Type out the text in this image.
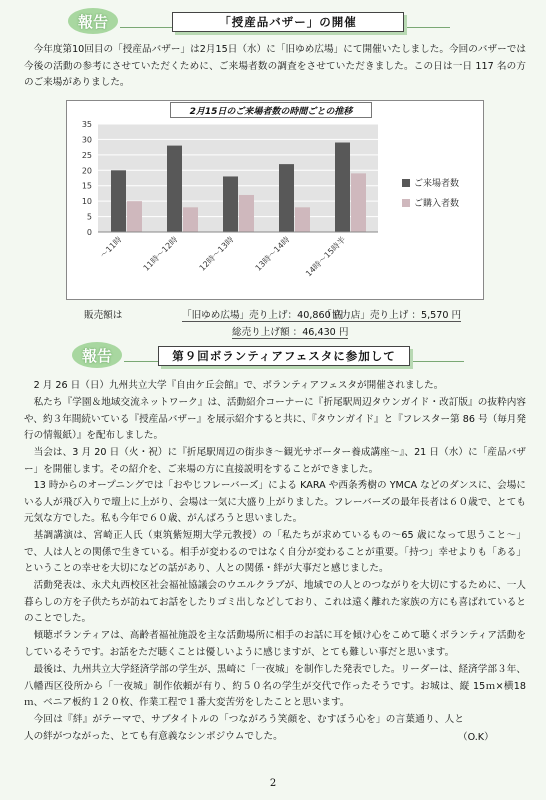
報告	「授産品バザー」の開催

今年度第10回目の「授産品バザー」は2月15日（水）に「旧ゆめ広場」にて開催いたしました。今回のバザーでは今後の活動の参考にさせていただくために、ご来場者数の調査をさせていただきました。この日は一日 117 名の方のご来場がありました。

2月15日のご来場者数の時間ごとの推移
0
5
10
15
20
25
30
35
～11時 11時～12時 12時～13時 13時～14時 14時～15時半
ご来場者数
ご購入者数
販売額は	「旧ゆめ広場」売り上げ：40,860 円
「協力店」売り上げ ：5,570 円
総売り上げ額 ：46,430 円
報告	第９回ボランティアフェスタに参加して

2 月 26 日（日）九州共立大学『自由ケ丘会館』で、ボランティアフェスタが開催されました。

私たち『学園＆地域交流ネットワーク』は、活動紹介コーナーに『折尾駅周辺タウンガイド・改訂版』の抜粋内容や、約３年間続いている『授産品バザー』を展示紹介すると共に、『タウンガイド』と『フレスター第 86 号（毎月発行の情報紙）』を配布しました。

当会は、3 月 20 日（火・祝）に『折尾駅周辺の街歩き～観光サポーター養成講座～』、21 日（水）に「産品バザー」を開催します。その紹介を、ご来場の方に直接説明をすることができました。

13 時からのオープニングでは「おやじフレーバーズ」による KARA や西条秀樹の YMCA などのダンスに、会場にいる人が飛び入りで壇上に上がり、会場は一気に大盛り上がりました。フレーバーズの最年長者は６０歳で、とても元気な方でした。私も今年で６０歳、がんばろうと思いました。

基調講演は、宮崎正人氏（東筑紫短期大学元教授）の「私たちが求めているもの～65 歳になって思うこと～」で、人は人との関係で生きている。相手が変わるのではなく自分が変わることが重要。「持つ」幸せよりも「ある」ということの幸せを大切になどの話があり、人との関係・絆が大事だと感じました。

活動発表は、永犬丸西校区社会福祉協議会のウエルクラブが、地域での人とのつながりを大切にするために、一人暮らしの方を子供たちが訪ねてお話をしたりゴミ出しなどしており、これは遠く離れた家族の方にも喜ばれているとのことでした。

傾聴ボランティアは、高齢者福祉施設を主な活動場所に相手のお話に耳を傾け心をこめて聴くボランティア活動をしているそうです。お話をただ聴くことは優しいように感じますが、とても難しい事だと思います。

最後は、九州共立大学経済学部の学生が、黒崎に「一夜城」を制作した発表でした。リーダーは、経済学部３年、八幡西区役所から「一夜城」制作依頼が有り、約５０名の学生が交代で作ったそうです。お城は、縦 15ｍ×横18ｍ、ベニア板約１２０枚、作業工程で１番大変苦労をしたことと思います。

今回は『絆』がテーマで、サブタイトルの「つながろう笑顔を、むすぼう心を」の言葉通り、人と人の絆がつながった、とても有意義なシンポジウムでした。	（O.K）
2
